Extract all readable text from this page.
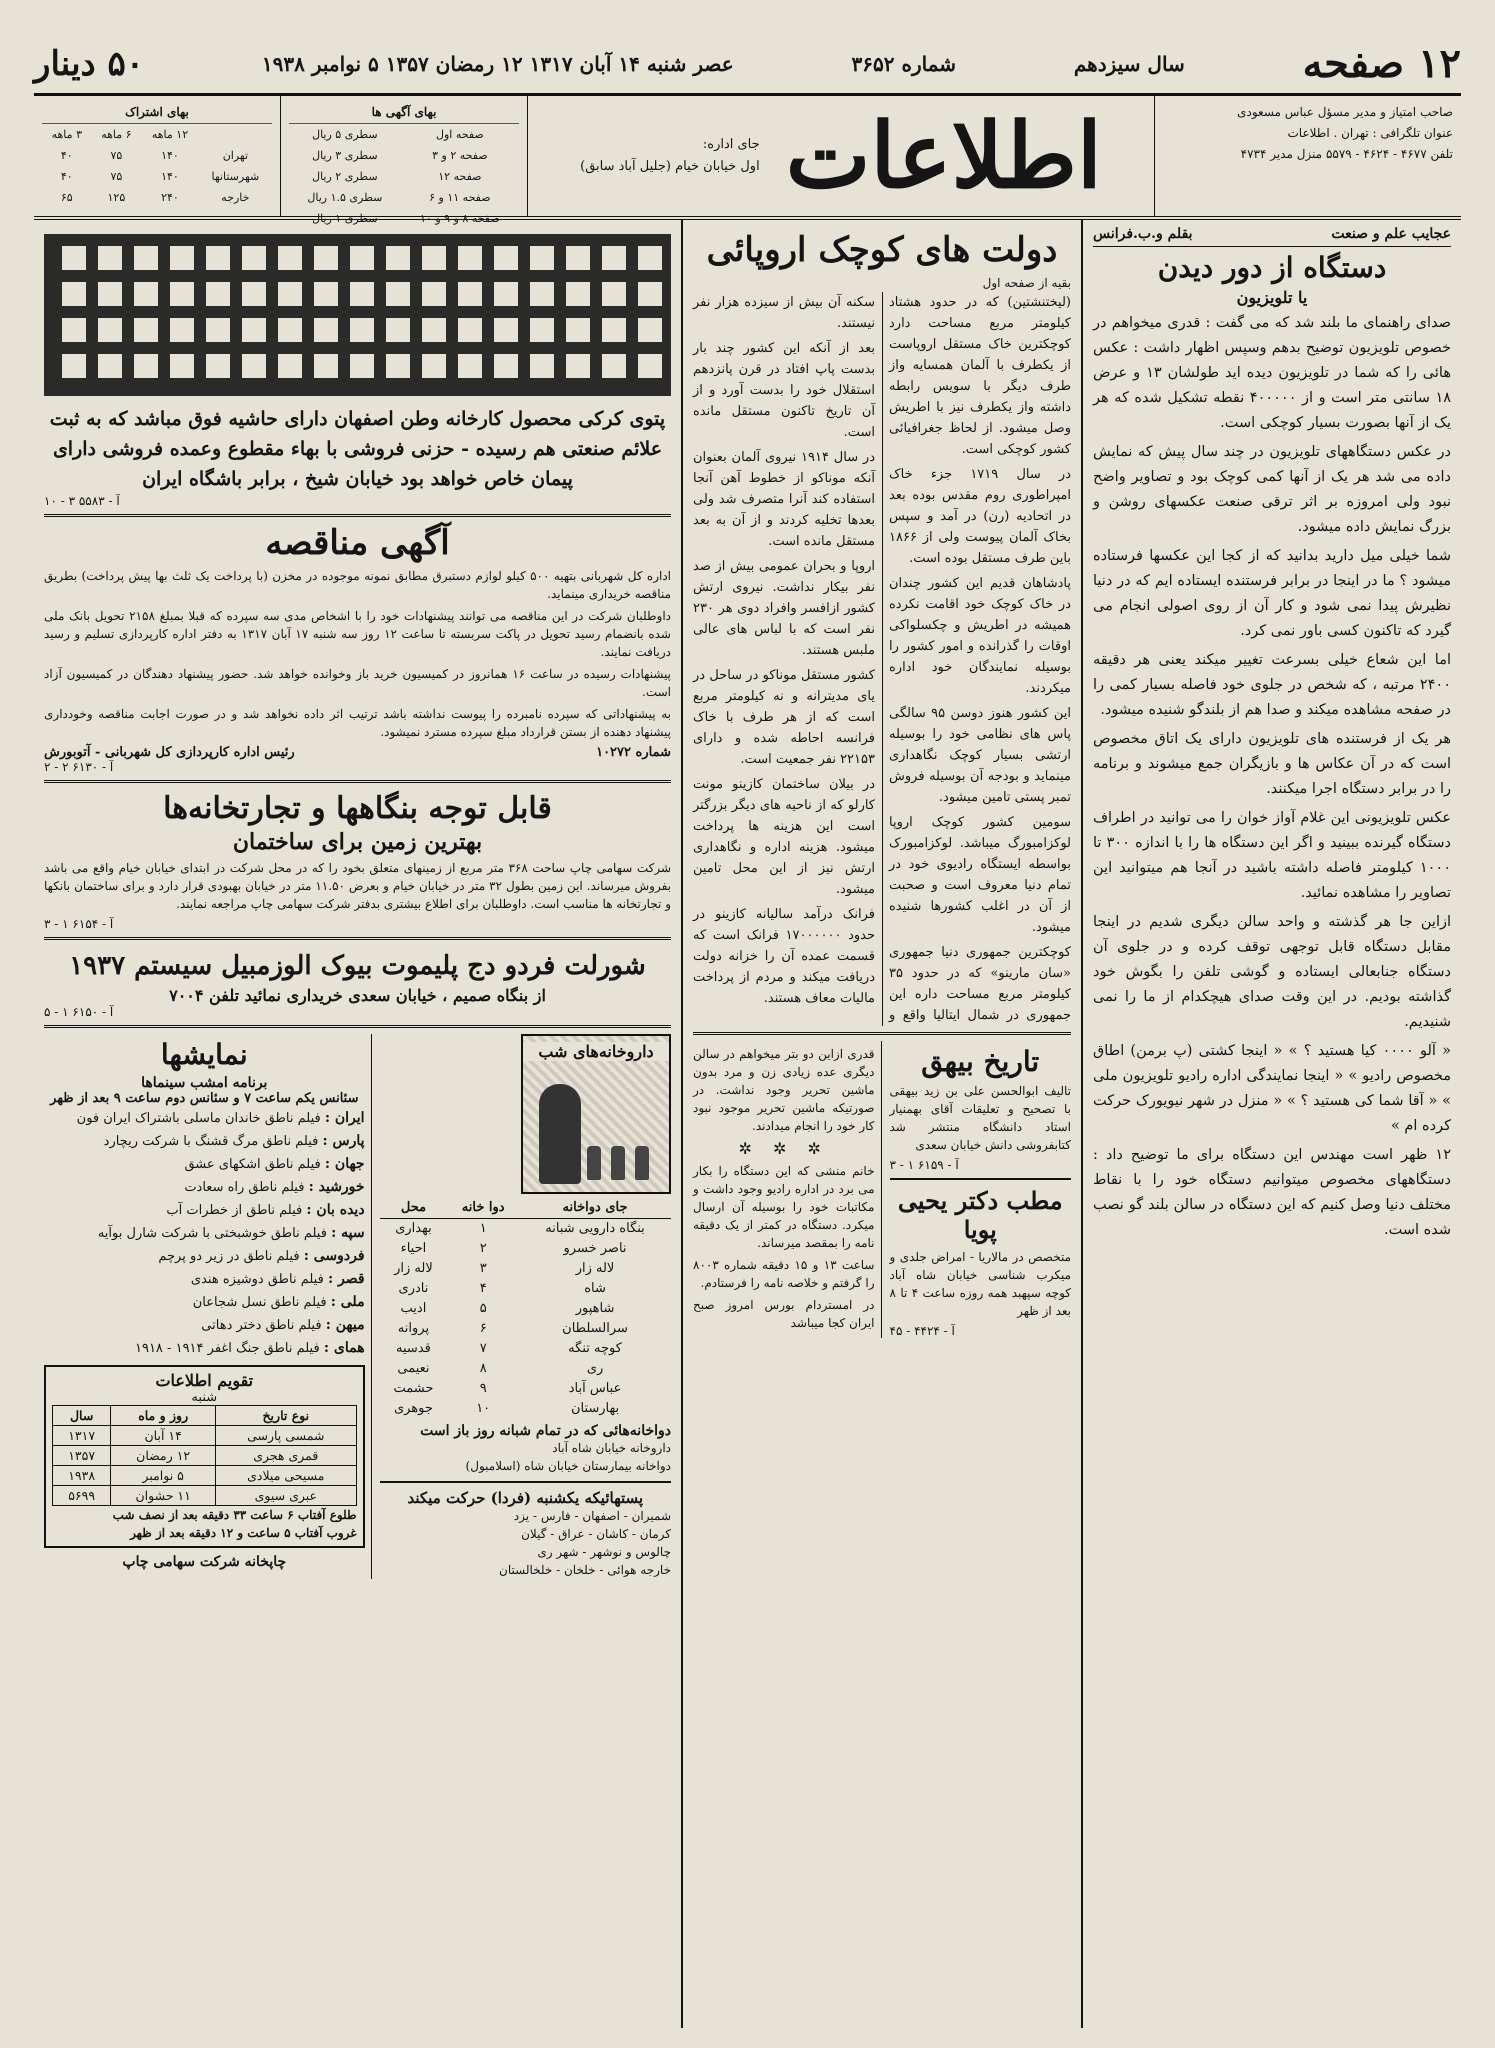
۱۲ صفحه
سال سیزدهم
شماره ۳۶۵۲
عصر شنبه ۱۴ آبان ۱۳۱۷ ۱۲ رمضان ۱۳۵۷ ۵ نوامبر ۱۹۳۸
۵۰ دینار
صاحب امتیاز و مدیر مسؤل عباس مسعودی
عنوان تلگرافی : تهران . اطلاعات
تلفن ۴۶۷۷ - ۴۶۲۴ - ۵۵۷۹ منزل مدیر ۴۷۳۴
اطلاعات
جای اداره:
اول خیابان خیام (جلیل آباد سابق)
بهای آگهی ها
صفحه اول	سطری ۵ ریال
صفحه ۲ و ۳	سطری ۳ ریال
صفحه ۱۲	سطری ۲ ریال
صفحه ۱۱ و ۶	سطری ۱.۵ ریال
صفحه ۸ و ۹ و ۱۰	سطری ۱ ریال
بهای اشتراک
	۱۲ ماهه	۶ ماهه	۳ ماهه
تهران	۱۴۰	۷۵	۴۰
شهرستانها	۱۴۰	۷۵	۴۰
خارجه	۲۴۰	۱۲۵	۶۵
عجایب علم و صنعت
بقلم و.ب.فرانس
دستگاه از دور دیدن
یا تلویزیون

صدای راهنمای ما بلند شد که می گفت : قدری میخواهم در خصوص تلویزیون توضیح بدهم وسپس اظهار داشت : عکس هائی را که شما در تلویزیون دیده اید طولشان ۱۳ و عرض ۱۸ سانتی متر است و از ۴۰۰۰۰۰ نقطه تشکیل شده که هر یک از آنها بصورت بسیار کوچکی است.

در عکس دستگاههای تلویزیون در چند سال پیش که نمایش داده می شد هر یک از آنها کمی کوچک بود و تصاویر واضح نبود ولی امروزه بر اثر ترقی صنعت عکسهای روشن و بزرگ نمایش داده میشود.

شما خیلی میل دارید بدانید که از کجا این عکسها فرستاده میشود ؟ ما در اینجا در برابر فرستنده ایستاده ایم که در دنیا نظیرش پیدا نمی شود و کار آن از روی اصولی انجام می گیرد که تاکنون کسی باور نمی کرد.

اما این شعاع خیلی بسرعت تغییر میکند یعنی هر دقیقه ۲۴۰۰ مرتبه ، که شخص در جلوی خود فاصله بسیار کمی را در صفحه مشاهده میکند و صدا هم از بلندگو شنیده میشود.

هر یک از فرستنده های تلویزیون دارای یک اتاق مخصوص است که در آن عکاس ها و بازیگران جمع میشوند و برنامه را در برابر دستگاه اجرا میکنند.

عکس تلویزیونی این غلام آواز خوان را می توانید در اطراف دستگاه گیرنده ببینید و اگر این دستگاه ها را با اندازه ۳۰۰ تا ۱۰۰۰ کیلومتر فاصله داشته باشید در آنجا هم میتوانید این تصاویر را مشاهده نمائید.

ازاین جا هر گذشته و واحد سالن دیگری شدیم در اینجا مقابل دستگاه قابل توجهی توقف کرده و در جلوی آن دستگاه جنابعالی ایستاده و گوشی تلفن را بگوش خود گذاشته بودیم. در این وقت صدای هیچکدام از ما را نمی شنیدیم.

« آلو ۰۰۰۰ کیا هستید ؟ » « اینجا کشتی (پ برمن) اطاق مخصوص رادیو » « اینجا نمایندگی اداره رادیو تلویزیون ملی » « آقا شما کی هستید ؟ » « منزل در شهر نیویورک حرکت کرده ام »

۱۲ ظهر است مهندس این دستگاه برای ما توضیح داد : دستگاههای مخصوص میتوانیم دستگاه خود را با نقاط مختلف دنیا وصل کنیم که این دستگاه در سالن بلند گو نصب شده است.

دولت های کوچک اروپائی
بقیه از صفحه اول

(لیختنشتین) که در حدود هشتاد کیلومتر مربع مساحت دارد کوچکترین خاک مستقل اروپاست از یکطرف با آلمان همسایه واز طرف دیگر با سویس رابطه داشته واز یکطرف نیز با اطریش وصل میشود. از لحاظ جغرافیائی کشور کوچکی است.

در سال ۱۷۱۹ جزء خاک امپراطوری روم مقدس بوده بعد در اتحادیه (رن) در آمد و سپس بخاک آلمان پیوست ولی از ۱۸۶۶ باین طرف مستقل بوده است.

پادشاهان قدیم این کشور چندان در خاک کوچک خود اقامت نکرده همیشه در اطریش و چکسلواکی اوقات را گذرانده و امور کشور را بوسیله نمایندگان خود اداره میکردند.

این کشور هنوز دوسن ۹۵ سالگی پاس های نظامی خود را بوسیله ارتشی بسیار کوچک نگاهداری مینماید و بودجه آن بوسیله فروش تمبر پستی تامین میشود.

سومین کشور کوچک اروپا لوکزامبورگ میباشد. لوکزامبورک بواسطه ایستگاه رادیوی خود در تمام دنیا معروف است و صحبت از آن در اغلب کشورها شنیده میشود.

کوچکترین جمهوری دنیا جمهوری «سان مارینو» که در حدود ۳۵ کیلومتر مربع مساحت داره این جمهوری در شمال ایتالیا واقع و سکنه آن بیش از سیزده هزار نفر نیستند.

بعد از آنکه این کشور چند بار بدست پاپ افتاد در قرن پانزدهم استقلال خود را بدست آورد و از آن تاریخ تاکنون مستقل مانده است.

در سال ۱۹۱۴ نیروی آلمان بعنوان آنکه موناکو از خطوط آهن آنجا استفاده کند آنرا متصرف شد ولی بعدها تخلیه کردند و از آن به بعد مستقل مانده است.

اروپا و بحران عمومی بیش از صد نفر بیکار نداشت. نیروی ارتش کشور ازافسر وافراد دوی هر ۲۳۰ نفر است که با لباس های عالی ملبس هستند.

کشور مستقل موناکو در ساحل در یای مدیترانه و نه کیلومتر مربع است که از هر طرف با خاک فرانسه احاطه شده و دارای ۲۲۱۵۳ نفر جمعیت است.

در بیلان ساختمان کازینو مونت کارلو که از ناحیه های دیگر بزرگتر است این هزینه ها پرداخت میشود. هزینه اداره و نگاهداری ارتش نیز از این محل تامین میشود.

فرانک درآمد سالیانه کازینو در حدود ۱۷۰۰۰۰۰۰ فرانک است که قسمت عمده آن را خزانه دولت دریافت میکند و مردم از پرداخت مالیات معاف هستند.

تاریخ بیهق

تالیف ابوالحسن علی بن زید بیهقی با تصحیح و تعلیقات آقای بهمنیار استاد دانشگاه منتشر شد کتابفروشی دانش خیابان سعدی

آ - ۶۱۵۹ ۱ - ۳
مطب دکتر یحیی پویا

متخصص در مالاریا - امراض جلدی و میکرب شناسی خیابان شاه آباد کوچه سپهبد همه روزه ساعت ۴ تا ۸ بعد از ظهر

آ - ۴۴۲۴ - ۴۵

قدری ازاین دو بتر میخواهم در سالن دیگری عده زیادی زن و مرد بدون ماشین تحریر وجود نداشت. در صورتیکه ماشین تحریر موجود نبود کار خود را انجام میدادند.

✲ ✲ ✲

خانم منشی که این دستگاه را بکار می برد در اداره رادیو وجود داشت و مکاتبات خود را بوسیله آن ارسال میکرد. دستگاه در کمتر از یک دقیقه نامه را بمقصد میرساند.

ساعت ۱۳ و ۱۵ دقیقه شماره ۸۰۰۳ را گرفتم و خلاصه نامه را فرستادم.

در امستردام بورس امروز صبح ایران کجا میباشد

پتوی کرکی محصول کارخانه وطن اصفهان دارای حاشیه فوق مباشد که به ثبت علائم صنعتی هم رسیده - حزنی فروشی با بهاء مقطوع وعمده فروشی دارای پیمان خاص خواهد بود خیابان شیخ ، برابر باشگاه ایران
آ - ۵۵۸۳ ۳ - ۱۰
آگهی مناقصه

اداره کل شهربانی بتهیه ۵۰۰ کیلو لوازم دستبرق مطابق نمونه موجوده در مخزن (با پرداخت یک ثلث بها پیش پرداخت) بطریق مناقصه خریداری مینماید.

داوطلبان شرکت در این مناقصه می توانند پیشنهادات خود را با اشخاص مدی سه سپرده که قبلا بمبلغ ۲۱۵۸ تحویل بانک ملی شده بانضمام رسید تحویل در پاکت سربسته تا ساعت ۱۲ روز سه شنبه ۱۷ آبان ۱۳۱۷ به دفتر اداره کارپردازی تسلیم و رسید دریافت نمایند.

پیشنهادات رسیده در ساعت ۱۶ همانروز در کمیسیون خرید باز وخوانده خواهد شد. حضور پیشنهاد دهندگان در کمیسیون آزاد است.

به پیشنهاداتی که سپرده نامبرده را پیوست نداشته باشد ترتیب اثر داده نخواهد شد و در صورت اجابت مناقصه وخودداری پیشنهاد دهنده از بستن قرارداد مبلغ سپرده مسترد نمیشود.

شماره ۱۰۲۷۲
رئیس اداره کارپردازی کل شهربانی - آتوبورش
آ - ۶۱۳۰ ۲ - ۲
قابل توجه بنگاهها و تجارتخانه‌ها
بهترین زمین برای ساختمان

شرکت سهامی چاپ ساحت ۳۶۸ متر مربع از زمینهای متعلق بخود را که در محل شرکت در ابتدای خیابان خیام واقع می باشد بفروش میرساند. این زمین بطول ۳۲ متر در خیابان خیام و بعرض ۱۱.۵۰ متر در خیابان بهبودی قرار دارد و برای ساختمان بانکها و تجارتخانه ها مناسب است. داوطلبان برای اطلاع بیشتری بدفتر شرکت سهامی چاپ مراجعه نمایند.

آ - ۶۱۵۴ ۱ - ۳
شورلت فردو دج پلیموت بیوک الوزمبیل سیستم ۱۹۳۷
از بنگاه صمیم ، خیابان سعدی خریداری نمائید تلفن ۷۰۰۴
آ - ۶۱۵۰ ۱ - ۵
داروخانه‌های شب
جای دواخانه	دوا خانه	محل
بنگاه دارویی شبانه	۱	بهداری
ناصر خسرو	۲	احیاء
لاله زار	۳	لاله زار
شاه	۴	نادری
شاهپور	۵	ادیب
سرالسلطان	۶	پروانه
کوچه تنگه	۷	قدسیه
ری	۸	نعیمی
عباس آباد	۹	حشمت
بهارستان	۱۰	جوهری
دواخانه‌هائی که در تمام شبانه روز باز است
داروخانه خیابان شاه آباد
دواخانه بیمارستان خیابان شاه (اسلامبول)
پستهائیکه یکشنبه (فردا) حرکت میکند
شمیران - اصفهان - فارس - یزد
کرمان - کاشان - عراق - گیلان
چالوس و نوشهر - شهر ری
خارجه هوائی - خلخان - خلخالستان
نمایشها
برنامه امشب سینماها
سئانس یکم ساعت ۷ و سئانس دوم ساعت ۹ بعد از ظهر

ایران : فیلم ناطق خاندان ماسلی باشتراک ایران فون

پارس : فیلم ناطق مرگ قشنگ با شرکت ریچارد

جهان : فیلم ناطق اشکهای عشق

خورشید : فیلم ناطق راه سعادت

دیده بان : فیلم ناطق از خطرات آب

سپه : فیلم ناطق خوشبختی با شرکت شارل بوآیه

فردوسی : فیلم ناطق در زیر دو پرچم

قصر : فیلم ناطق دوشیزه هندی

ملی : فیلم ناطق نسل شجاعان

میهن : فیلم ناطق دختر دهاتی

همای : فیلم ناطق جنگ اغفر ۱۹۱۴ - ۱۹۱۸

تقویم اطلاعات
شنبه
نوع تاریخ	روز و ماه	سال
شمسی پارسی	۱۴ آبان	۱۳۱۷
قمری هجری	۱۲ رمضان	۱۳۵۷
مسیحی میلادی	۵ نوامبر	۱۹۳۸
عبری سیوی	۱۱ حشوان	۵۶۹۹
طلوع آفتاب ۶ ساعت ۳۳ دقیقه بعد از نصف شب
غروب آفتاب ۵ ساعت و ۱۲ دقیقه بعد از ظهر
چاپخانه شرکت سهامی چاپ
